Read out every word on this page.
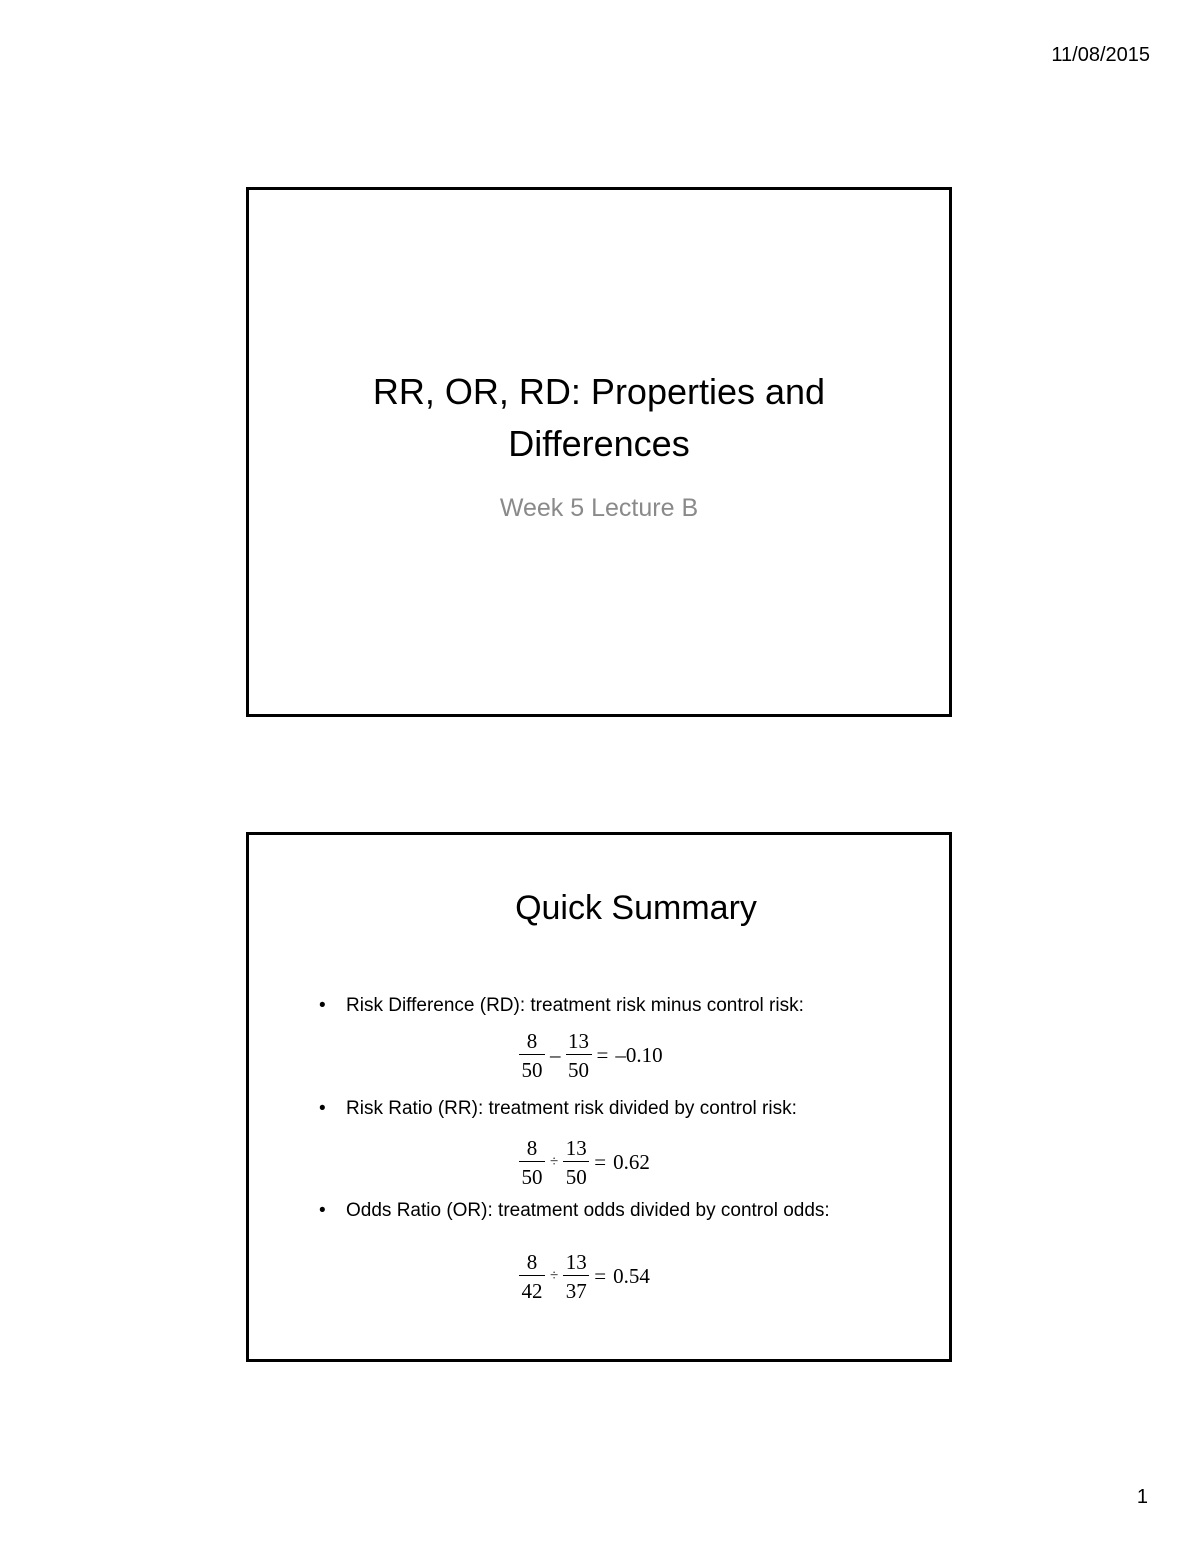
11/08/2015
RR, OR, RD: Properties and
Differences
Week 5 Lecture B
Quick Summary
• Risk Difference (RD): treatment risk minus control risk:
$\frac{8}{50} - \frac{13}{50} = -0.10$
• Risk Ratio (RR): treatment risk divided by control risk:
$\frac{8}{50} \div \frac{13}{50} = 0.62$
• Odds Ratio (OR): treatment odds divided by control odds:
$\frac{8}{42} \div \frac{13}{37} = 0.54$
1
